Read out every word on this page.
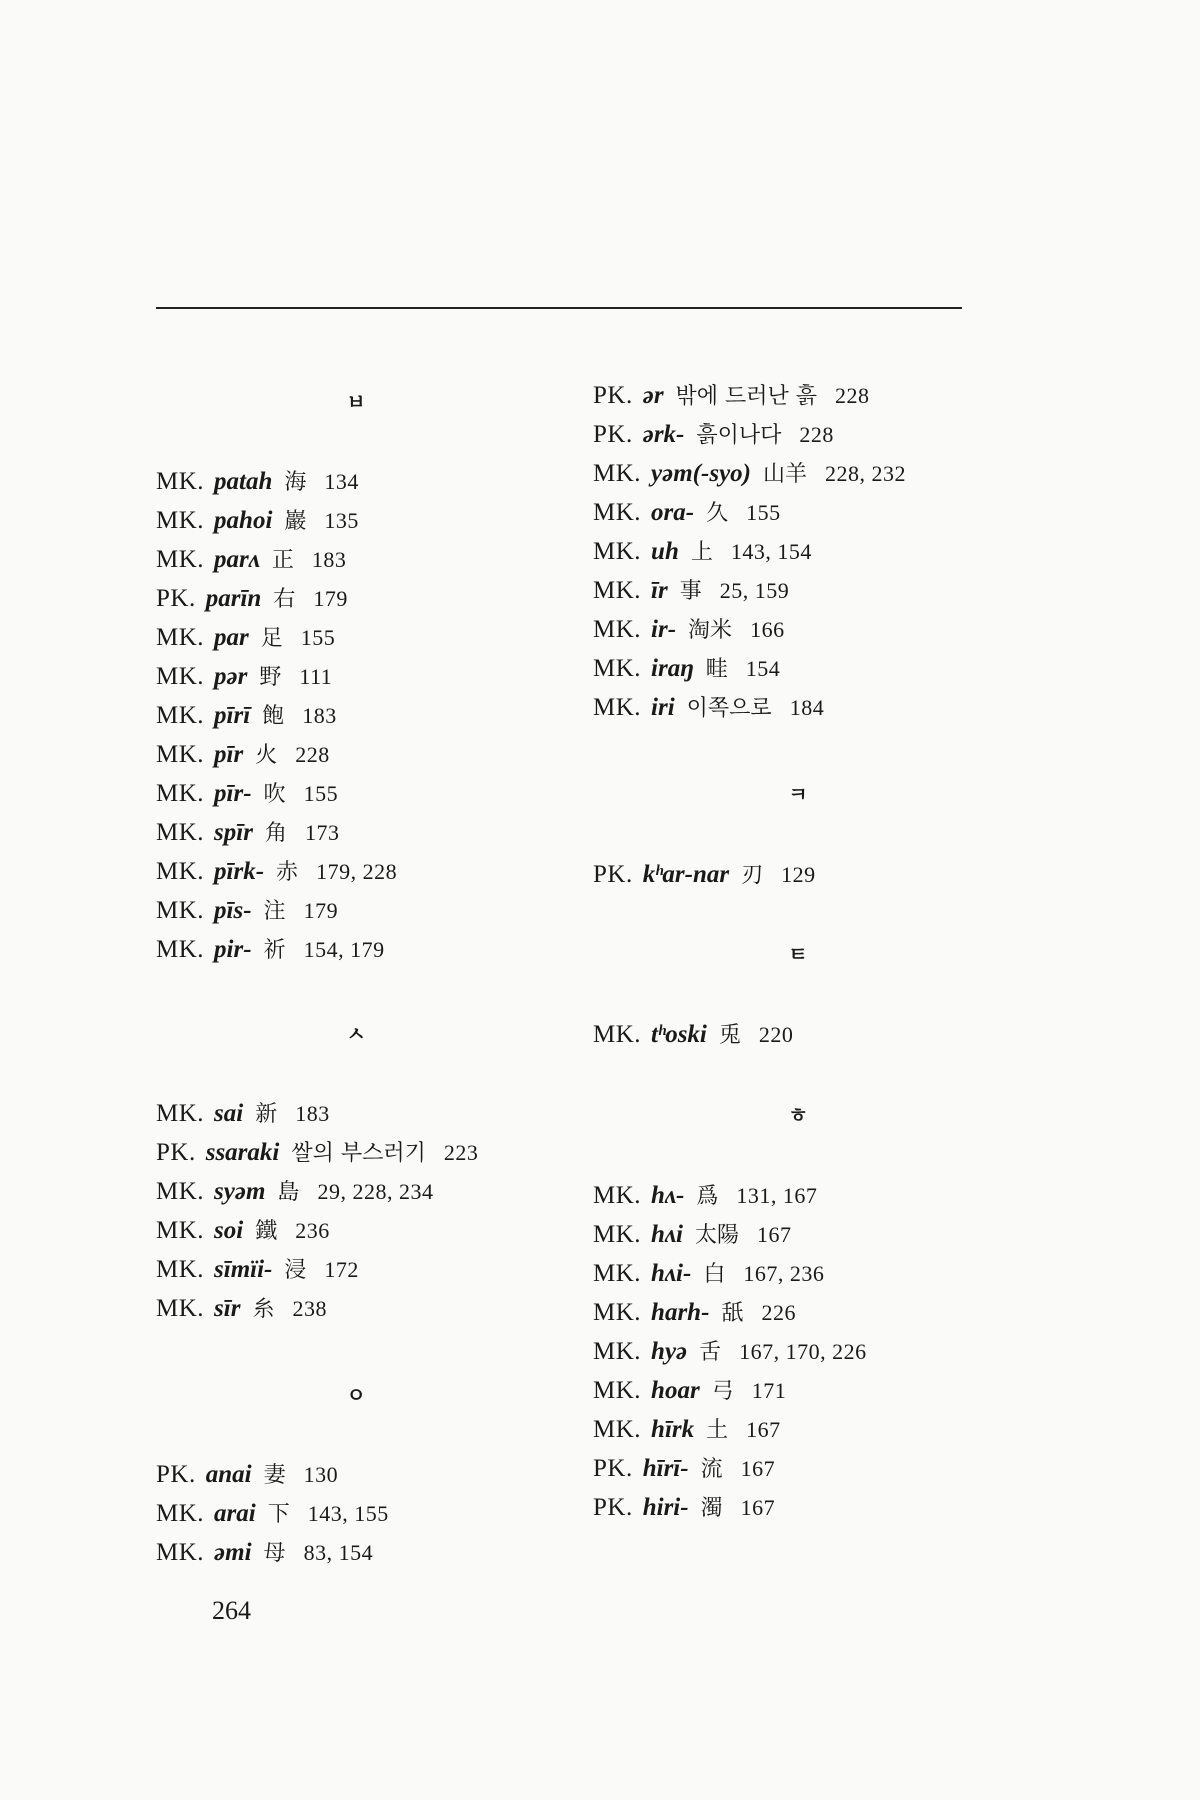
ㅂ
MK. patah 海 134
MK. pahoi 巖 135
MK. parʌ 正 183
PK. parīn 右 179
MK. par 足 155
MK. pər 野 111
MK. pīrī 飽 183
MK. pīr 火 228
MK. pīr- 吹 155
MK. spīr 角 173
MK. pīrk- 赤 179, 228
MK. pīs- 注 179
MK. pir- 祈 154, 179
ㅅ
MK. sai 新 183
PK. ssaraki 쌀의 부스러기 223
MK. syəm 島 29, 228, 234
MK. soi 鐵 236
MK. sīmïi- 浸 172
MK. sīr 糸 238
ㅇ
PK. anai 妻 130
MK. arai 下 143, 155
MK. əmi 母 83, 154
PK. ər 밖에 드러난 흙 228
PK. ərk- 흙이나다 228
MK. yəm(-syo) 山羊 228, 232
MK. ora- 久 155
MK. uh 上 143, 154
MK. īr 事 25, 159
MK. ir- 淘米 166
MK. iraŋ 畦 154
MK. iri 이쪽으로 184
ㅋ
PK. kʰar-nar 刃 129
ㅌ
MK. tʰoski 兎 220
ㅎ
MK. hʌ- 爲 131, 167
MK. hʌi 太陽 167
MK. hʌi- 白 167, 236
MK. harh- 舐 226
MK. hyə 舌 167, 170, 226
MK. hoar 弓 171
MK. hīrk 土 167
PK. hīrī- 流 167
PK. hiri- 濁 167
264
